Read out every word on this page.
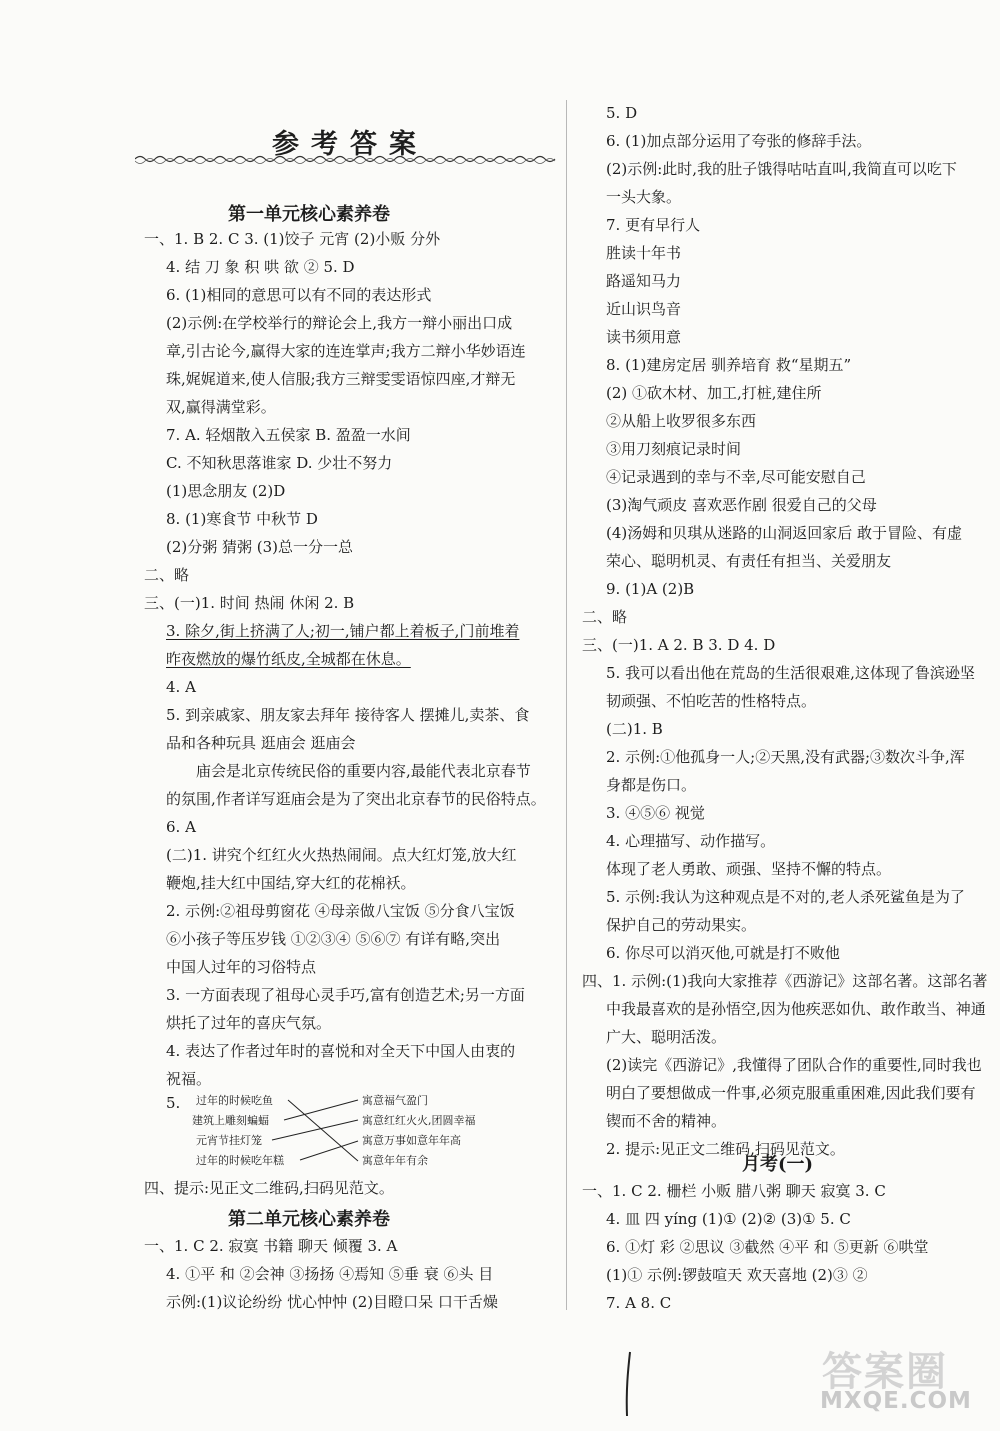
参考答案
第一单元核心素养卷
一、1. B 2. C 3. (1)饺子 元宵 (2)小贩 分外
4. 结 刀 象 积 哄 欲 ② 5. D
6. (1)相同的意思可以有不同的表达形式
(2)示例:在学校举行的辩论会上,我方一辩小丽出口成
章,引古论今,赢得大家的连连掌声;我方二辩小华妙语连
珠,娓娓道来,使人信服;我方三辩雯雯语惊四座,才辩无
双,赢得满堂彩。
7. A. 轻烟散入五侯家 B. 盈盈一水间
C. 不知秋思落谁家 D. 少壮不努力
(1)思念朋友 (2)D
8. (1)寒食节 中秋节 D
(2)分粥 猜粥 (3)总一分一总
二、略
三、(一)1. 时间 热闹 休闲 2. B
3. 除夕,街上挤满了人;初一,铺户都上着板子,门前堆着
昨夜燃放的爆竹纸皮,全城都在休息。
4. A
5. 到亲戚家、朋友家去拜年 接待客人 摆摊儿,卖茶、食
品和各种玩具 逛庙会 逛庙会
庙会是北京传统民俗的重要内容,最能代表北京春节
的氛围,作者详写逛庙会是为了突出北京春节的民俗特点。
6. A
(二)1. 讲究个红红火火热热闹闹。点大红灯笼,放大红
鞭炮,挂大红中国结,穿大红的花棉袄。
2. 示例:②祖母剪窗花 ④母亲做八宝饭 ⑤分食八宝饭
⑥小孩子等压岁钱 ①②③④ ⑤⑥⑦ 有详有略,突出
中国人过年的习俗特点
3. 一方面表现了祖母心灵手巧,富有创造艺术;另一方面
烘托了过年的喜庆气氛。
4. 表达了作者过年时的喜悦和对全天下中国人由衷的
祝福。
5. 过年的时候吃鱼
建筑上雕刻蝙蝠
元宵节挂灯笼
过年的时候吃年糕
寓意福气盈门
寓意红红火火,团圆幸福
寓意万事如意年年高
寓意年年有余
四、提示:见正文二维码,扫码见范文。
第二单元核心素养卷
一、1. C 2. 寂寞 书籍 聊天 倾覆 3. A
4. ①平 和 ②会神 ③扬扬 ④焉知 ⑤垂 衰 ⑥头 目
示例:(1)议论纷纷 忧心忡忡 (2)目瞪口呆 口干舌燥
5. D
6. (1)加点部分运用了夸张的修辞手法。
(2)示例:此时,我的肚子饿得咕咕直叫,我简直可以吃下
一头大象。
7. 更有早行人
胜读十年书
路遥知马力
近山识鸟音
读书须用意
8. (1)建房定居 驯养培育 救“星期五”
(2) ①砍木材、加工,打桩,建住所
②从船上收罗很多东西
③用刀刻痕记录时间
④记录遇到的幸与不幸,尽可能安慰自己
(3)淘气顽皮 喜欢恶作剧 很爱自己的父母
(4)汤姆和贝琪从迷路的山洞返回家后 敢于冒险、有虚
荣心、聪明机灵、有责任有担当、关爱朋友
9. (1)A (2)B
二、略
三、(一)1. A 2. B 3. D 4. D
5. 我可以看出他在荒岛的生活很艰难,这体现了鲁滨逊坚
韧顽强、不怕吃苦的性格特点。
(二)1. B
2. 示例:①他孤身一人;②天黑,没有武器;③数次斗争,浑
身都是伤口。
3. ④⑤⑥ 视觉
4. 心理描写、动作描写。
体现了老人勇敢、顽强、坚持不懈的特点。
5. 示例:我认为这种观点是不对的,老人杀死鲨鱼是为了
保护自己的劳动果实。
6. 你尽可以消灭他,可就是打不败他
四、1. 示例:(1)我向大家推荐《西游记》这部名著。这部名著
中我最喜欢的是孙悟空,因为他疾恶如仇、敢作敢当、神通
广大、聪明活泼。
(2)读完《西游记》,我懂得了团队合作的重要性,同时我也
明白了要想做成一件事,必须克服重重困难,因此我们要有
锲而不舍的精神。
2. 提示:见正文二维码,扫码见范文。
月考(一)
一、1. C 2. 栅栏 小贩 腊八粥 聊天 寂寞 3. C
4. 皿 四 yíng (1)① (2)② (3)① 5. C
6. ①灯 彩 ②思议 ③截然 ④平 和 ⑤更新 ⑥哄堂
(1)① 示例:锣鼓喧天 欢天喜地 (2)③ ②
7. A 8. C
答案圈
MXQE.COM
